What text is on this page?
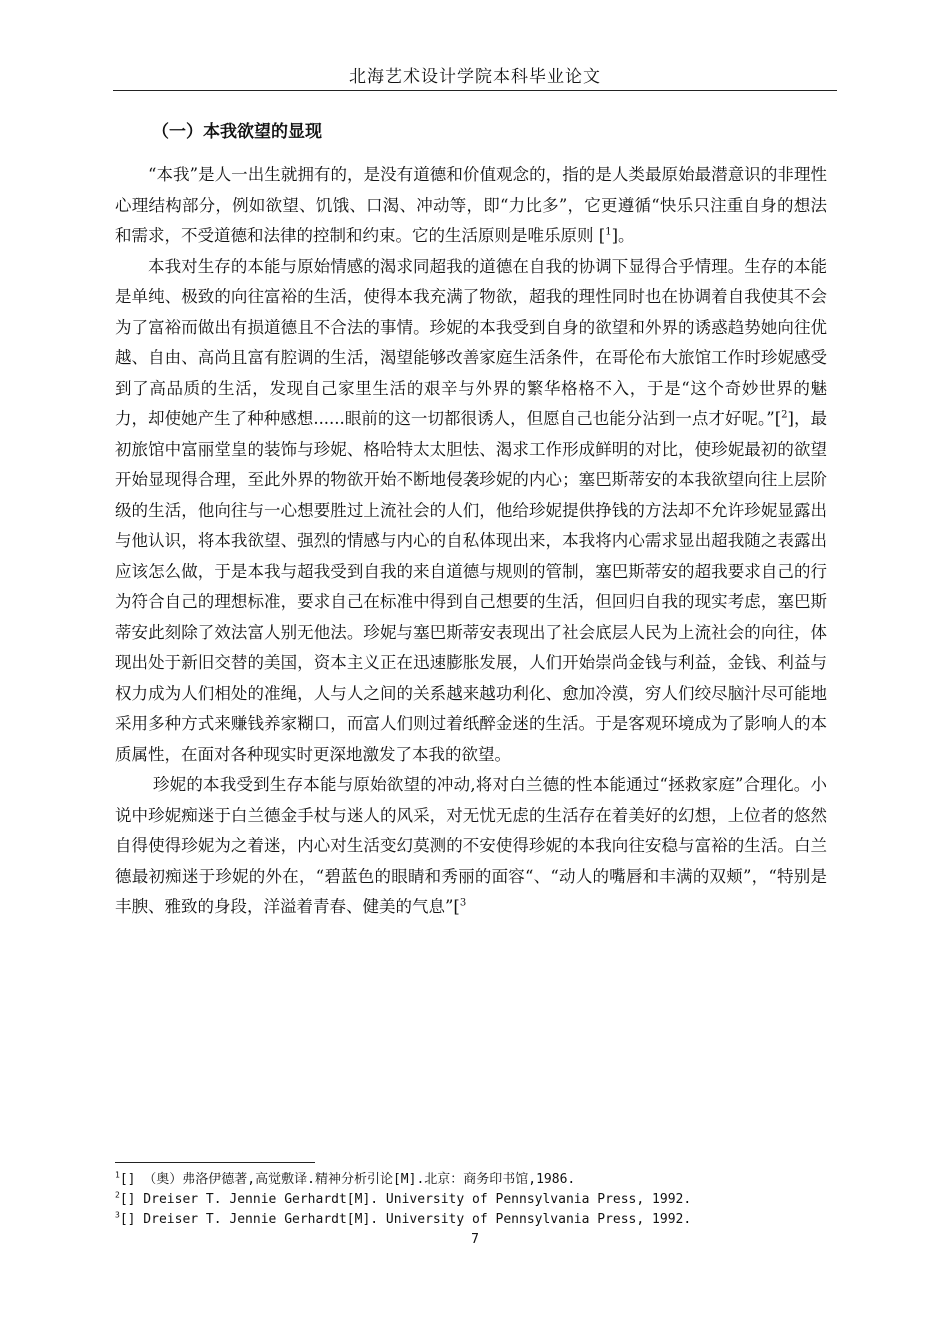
北海艺术设计学院本科毕业论文
（一）本我欲望的显现

“本我”是人一出生就拥有的，是没有道德和价值观念的，指的是人类最原始最潜意识的非理性心理结构部分，例如欲望、饥饿、口渴、冲动等，即“力比多”，它更遵循“快乐只注重自身的想法和需求，不受道德和法律的控制和约束。它的生活原则是唯乐原则 [$^1$]。

本我对生存的本能与原始情感的渴求同超我的道德在自我的协调下显得合乎情理。生存的本能是单纯、极致的向往富裕的生活，使得本我充满了物欲，超我的理性同时也在协调着自我使其不会为了富裕而做出有损道德且不合法的事情。珍妮的本我受到自身的欲望和外界的诱惑趋势她向往优越、自由、高尚且富有腔调的生活，渴望能够改善家庭生活条件，在哥伦布大旅馆工作时珍妮感受到了高品质的生活，发现自己家里生活的艰辛与外界的繁华格格不入，于是“这个奇妙世界的魅力，却使她产生了种种感想......眼前的这一切都很诱人，但愿自己也能分沾到一点才好呢。”[$^2$]，最初旅馆中富丽堂皇的装饰与珍妮、格哈特太太胆怯、渴求工作形成鲜明的对比，使珍妮最初的欲望开始显现得合理，至此外界的物欲开始不断地侵袭珍妮的内心；塞巴斯蒂安的本我欲望向往上层阶级的生活，他向往与一心想要胜过上流社会的人们，他给珍妮提供挣钱的方法却不允许珍妮显露出与他认识，将本我欲望、强烈的情感与内心的自私体现出来，本我将内心需求显出超我随之表露出应该怎么做，于是本我与超我受到自我的来自道德与规则的管制，塞巴斯蒂安的超我要求自己的行为符合自己的理想标准，要求自己在标准中得到自己想要的生活，但回归自我的现实考虑，塞巴斯蒂安此刻除了效法富人别无他法。珍妮与塞巴斯蒂安表现出了社会底层人民为上流社会的向往，体现出处于新旧交替的美国，资本主义正在迅速膨胀发展，人们开始崇尚金钱与利益，金钱、利益与权力成为人们相处的准绳，人与人之间的关系越来越功利化、愈加冷漠，穷人们绞尽脑汁尽可能地采用多种方式来赚钱养家糊口，而富人们则过着纸醉金迷的生活。于是客观环境成为了影响人的本质属性，在面对各种现实时更深地激发了本我的欲望。

珍妮的本我受到生存本能与原始欲望的冲动,将对白兰德的性本能通过“拯救家庭”合理化。小说中珍妮痴迷于白兰德金手杖与迷人的风采，对无忧无虑的生活存在着美好的幻想，上位者的悠然自得使得珍妮为之着迷，内心对生活变幻莫测的不安使得珍妮的本我向往安稳与富裕的生活。白兰德最初痴迷于珍妮的外在，“碧蓝色的眼睛和秀丽的面容“、“动人的嘴唇和丰满的双颊”，“特别是丰腴、雅致的身段，洋溢着青春、健美的气息”[$^3$

$^1$[] （奥）弗洛伊德著,高觉敷译.精神分析引论[M].北京：商务印书馆,1986.
$^2$[] Dreiser T. Jennie Gerhardt[M]. University of Pennsylvania Press, 1992.
$^3$[] Dreiser T. Jennie Gerhardt[M]. University of Pennsylvania Press, 1992.
7
